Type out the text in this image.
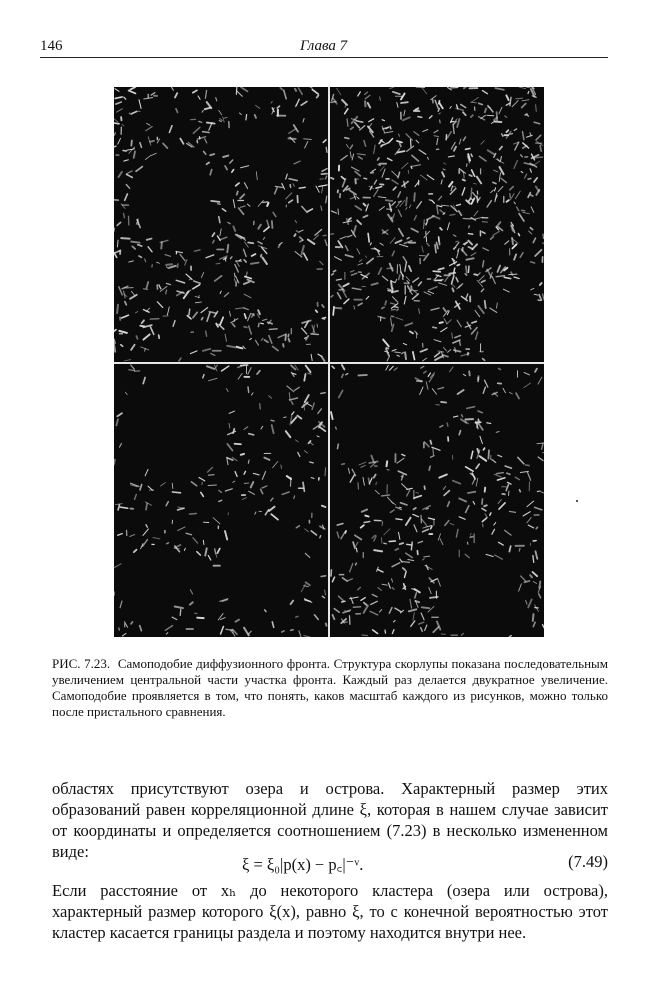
146	Глава 7
РИС. 7.23. Самоподобие диффузионного фронта. Структура скорлупы показана последовательным увеличением центральной части участка фронта. Каждый раз делается двукратное увеличение. Самоподобие проявляется в том, что понять, каков масштаб каждого из рисунков, можно только после пристального сравнения.

областях присутствуют озера и острова. Характерный размер этих образований равен корреляционной длине ξ, которая в нашем случае зависит от координаты и определяется соотношением (7.23) в несколько измененном виде:

ξ = ξ₀|p(x) − p꜀|⁻ᵛ.	(7.49)

Если расстояние от xₕ до некоторого кластера (озера или острова), характерный размер которого ξ(x), равно ξ, то с конечной вероятностью этот кластер касается границы раздела и поэтому находится внутри нее.
